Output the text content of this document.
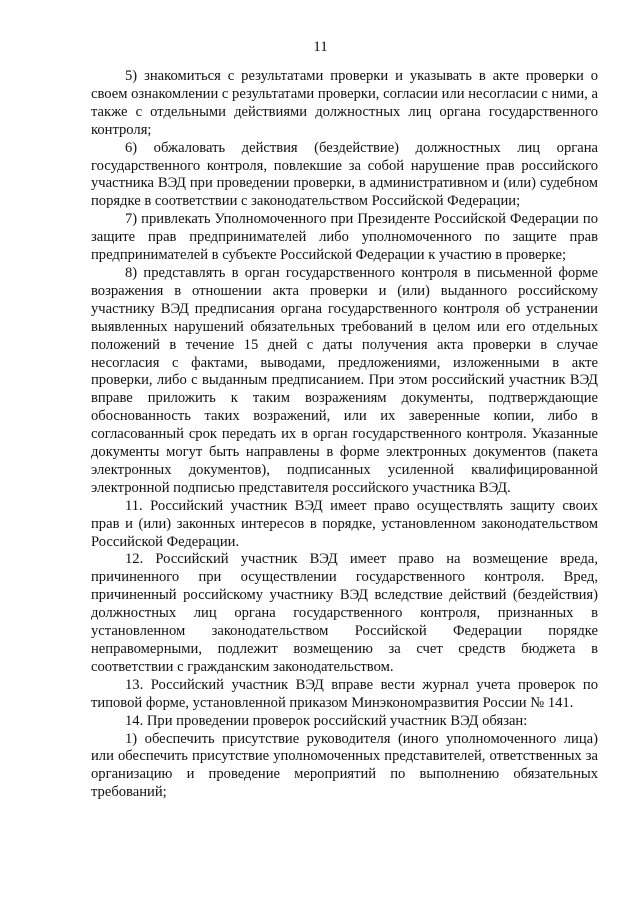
11

5) знакомиться с результатами проверки и указывать в акте проверки о своем ознакомлении с результатами проверки, согласии или несогласии с ними, а также с отдельными действиями должностных лиц органа государственного контроля;

6) обжаловать действия (бездействие) должностных лиц органа государственного контроля, повлекшие за собой нарушение прав российского участника ВЭД при проведении проверки, в административном и (или) судебном порядке в соответствии с законодательством Российской Федерации;

7) привлекать Уполномоченного при Президенте Российской Федерации по защите прав предпринимателей либо уполномоченного по защите прав предпринимателей в субъекте Российской Федерации к участию в проверке;

8) представлять в орган государственного контроля в письменной форме возражения в отношении акта проверки и (или) выданного российскому участнику ВЭД предписания органа государственного контроля об устранении выявленных нарушений обязательных требований в целом или его отдельных положений в течение 15 дней с даты получения акта проверки в случае несогласия с фактами, выводами, предложениями, изложенными в акте проверки, либо с выданным предписанием. При этом российский участник ВЭД вправе приложить к таким возражениям документы, подтверждающие обоснованность таких возражений, или их заверенные копии, либо в согласованный срок передать их в орган государственного контроля. Указанные документы могут быть направлены в форме электронных документов (пакета электронных документов), подписанных усиленной квалифицированной электронной подписью представителя российского участника ВЭД.

11. Российский участник ВЭД имеет право осуществлять защиту своих прав и (или) законных интересов в порядке, установленном законодательством Российской Федерации.

12. Российский участник ВЭД имеет право на возмещение вреда, причиненного при осуществлении государственного контроля. Вред, причиненный российскому участнику ВЭД вследствие действий (бездействия) должностных лиц органа государственного контроля, признанных в установленном законодательством Российской Федерации порядке неправомерными, подлежит возмещению за счет средств бюджета в соответствии с гражданским законодательством.

13. Российский участник ВЭД вправе вести журнал учета проверок по типовой форме, установленной приказом Минэкономразвития России № 141.

14. При проведении проверок российский участник ВЭД обязан:

1) обеспечить присутствие руководителя (иного уполномоченного лица) или обеспечить присутствие уполномоченных представителей, ответственных за организацию и проведение мероприятий по выполнению обязательных требований;
